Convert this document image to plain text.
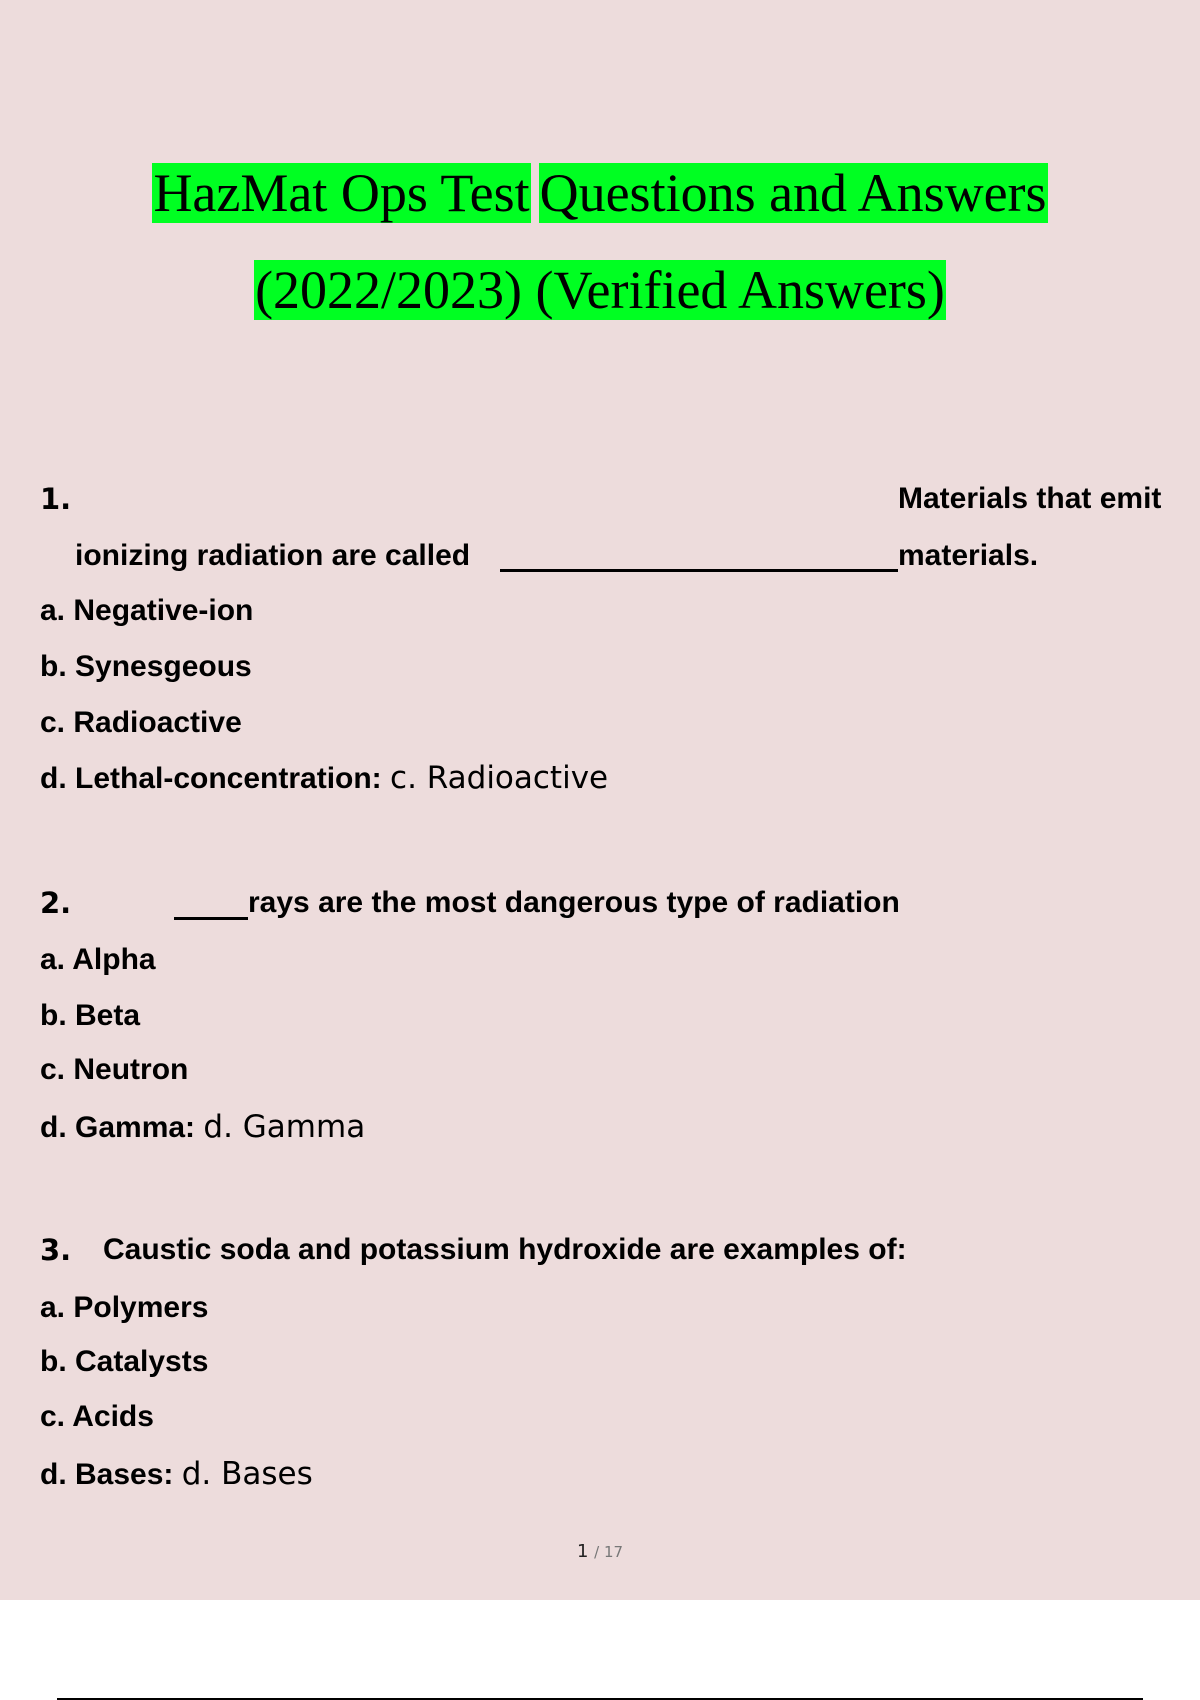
HazMat Ops Test Questions and Answers
(2022/2023) (Verified Answers)
1.	Materials that emit
ionizing radiation are called	materials.
a. Negative-ion
b. Synesgeous
c. Radioactive
d. Lethal-concentration: c. Radioactive
2.	rays are the most dangerous type of radiation
a. Alpha
b. Beta
c. Neutron
d. Gamma: d. Gamma
3. Caustic soda and potassium hydroxide are examples of:
a. Polymers
b. Catalysts
c. Acids
d. Bases: d. Bases
1 / 17
